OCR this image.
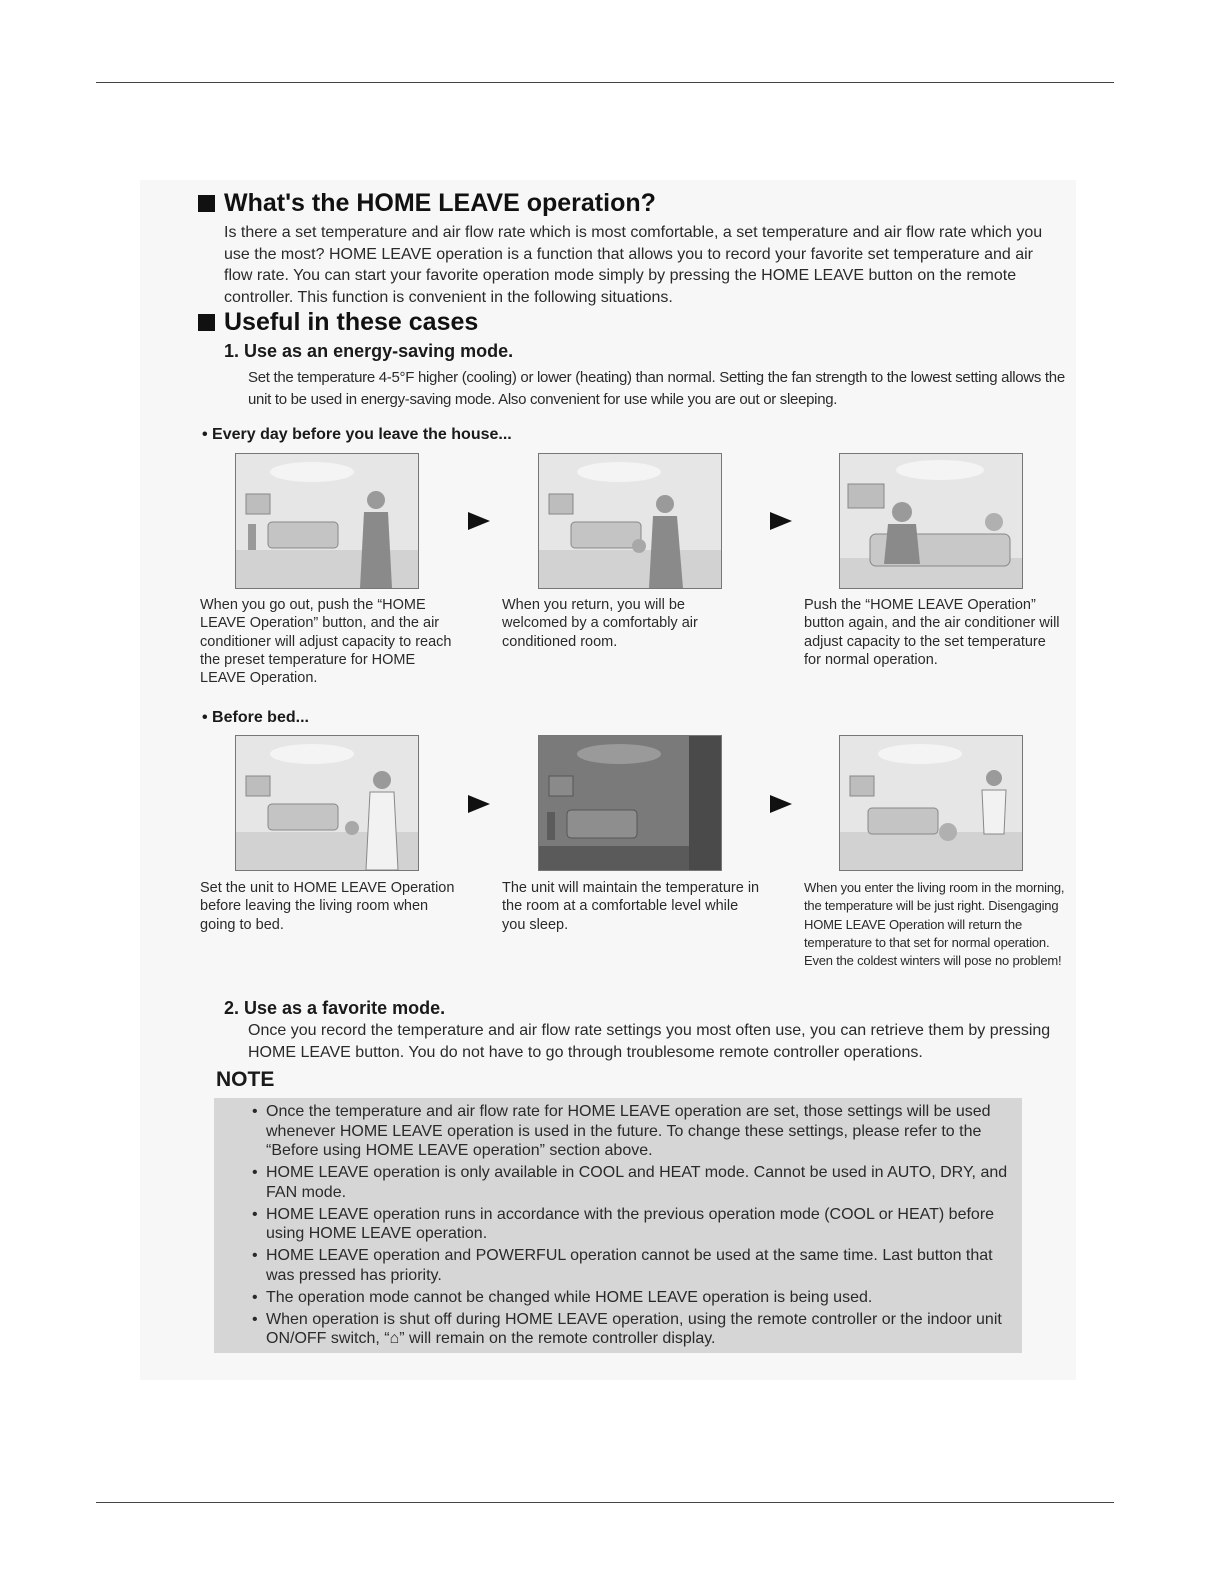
What's the HOME LEAVE operation?
Is there a set temperature and air flow rate which is most comfortable, a set temperature and air flow rate which you use the most? HOME LEAVE operation is a function that allows you to record your favorite set temperature and air flow rate. You can start your favorite operation mode simply by pressing the HOME LEAVE button on the remote controller. This function is convenient in the following situations.
Useful in these cases
1. Use as an energy-saving mode.
Set the temperature 4-5°F higher (cooling) or lower (heating) than normal. Setting the fan strength to the lowest setting allows the unit to be used in energy-saving mode. Also convenient for use while you are out or sleeping.
• Every day before you leave the house...
When you go out, push the “HOME LEAVE Operation” button, and the air conditioner will adjust capacity to reach the preset temperature for HOME LEAVE Operation.
When you return, you will be welcomed by a comfortably air conditioned room.
Push the “HOME LEAVE Operation” button again, and the air conditioner will adjust capacity to the set temperature for normal operation.
• Before bed...
Set the unit to HOME LEAVE Operation before leaving the living room when going to bed.
The unit will maintain the temperature in the room at a comfortable level while you sleep.
When you enter the living room in the morning, the temperature will be just right. Disengaging HOME LEAVE Operation will return the temperature to that set for normal operation. Even the coldest winters will pose no problem!
2. Use as a favorite mode.
Once you record the temperature and air flow rate settings you most often use, you can retrieve them by pressing HOME LEAVE button. You do not have to go through troublesome remote controller operations.
NOTE
• Once the temperature and air flow rate for HOME LEAVE operation are set, those settings will be used whenever HOME LEAVE operation is used in the future. To change these settings, please refer to the “Before using HOME LEAVE operation” section above.
• HOME LEAVE operation is only available in COOL and HEAT mode. Cannot be used in AUTO, DRY, and FAN mode.
• HOME LEAVE operation runs in accordance with the previous operation mode (COOL or HEAT) before using HOME LEAVE operation.
• HOME LEAVE operation and POWERFUL operation cannot be used at the same time. Last button that was pressed has priority.
• The operation mode cannot be changed while HOME LEAVE operation is being used.
• When operation is shut off during HOME LEAVE operation, using the remote controller or the indoor unit ON/OFF switch, “⌂” will remain on the remote controller display.
